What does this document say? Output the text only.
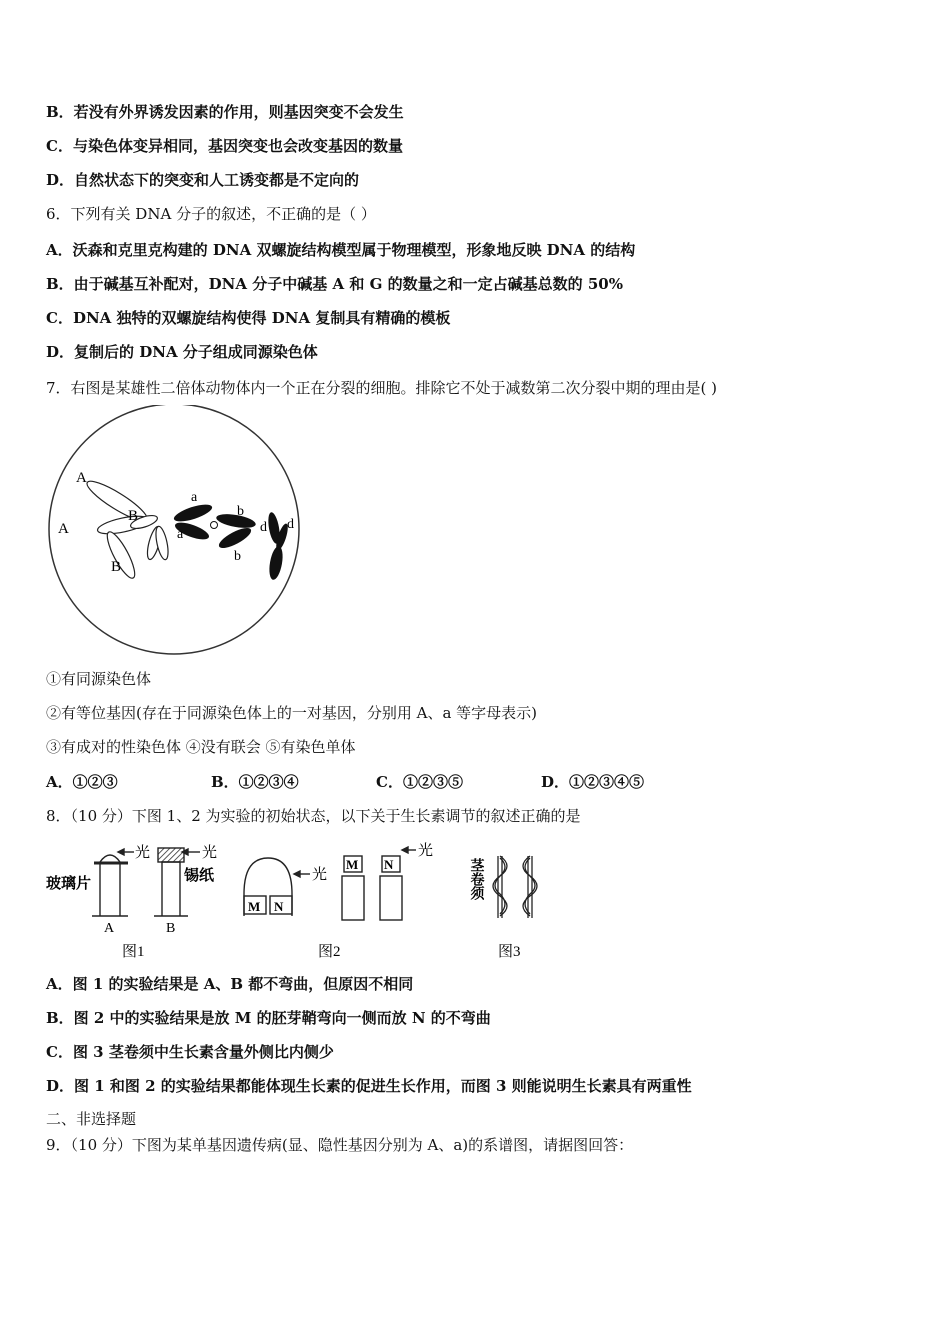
B．若没有外界诱发因素的作用，则基因突变不会发生
C．与染色体变异相同，基因突变也会改变基因的数量
D．自然状态下的突变和人工诱变都是不定向的
6．下列有关 DNA 分子的叙述，不正确的是（ ）
A．沃森和克里克构建的 DNA 双螺旋结构模型属于物理模型，形象地反映 DNA 的结构
B．由于碱基互补配对，DNA 分子中碱基 A 和 G 的数量之和一定占碱基总数的 50%
C．DNA 独特的双螺旋结构使得 DNA 复制具有精确的模板
D．复制后的 DNA 分子组成同源染色体
7．右图是某雄性二倍体动物体内一个正在分裂的细胞。排除它不处于减数第二次分裂中期的理由是( )
A
A
B
B
a
a
b
b
d d
①有同源染色体
②有等位基因(存在于同源染色体上的一对基因，分别用 A、a 等字母表示)
③有成对的性染色体 ④没有联会 ⑤有染色单体
A．①②③	B．①②③④	C．①②③⑤	D．①②③④⑤
8．（10 分）下图 1、2 为实验的初始状态，以下关于生长素调节的叙述正确的是
光	光
玻璃片	锡纸
A	B
图1
M N
M N
光
光
图2
茎卷须
图3
A．图 1 的实验结果是 A、B 都不弯曲，但原因不相同
B．图 2 中的实验结果是放 M 的胚芽鞘弯向一侧而放 N 的不弯曲
C．图 3 茎卷须中生长素含量外侧比内侧少
D．图 1 和图 2 的实验结果都能体现生长素的促进生长作用，而图 3 则能说明生长素具有两重性
二、非选择题
9．（10 分）下图为某单基因遗传病(显、隐性基因分别为 A、a)的系谱图，请据图回答：
